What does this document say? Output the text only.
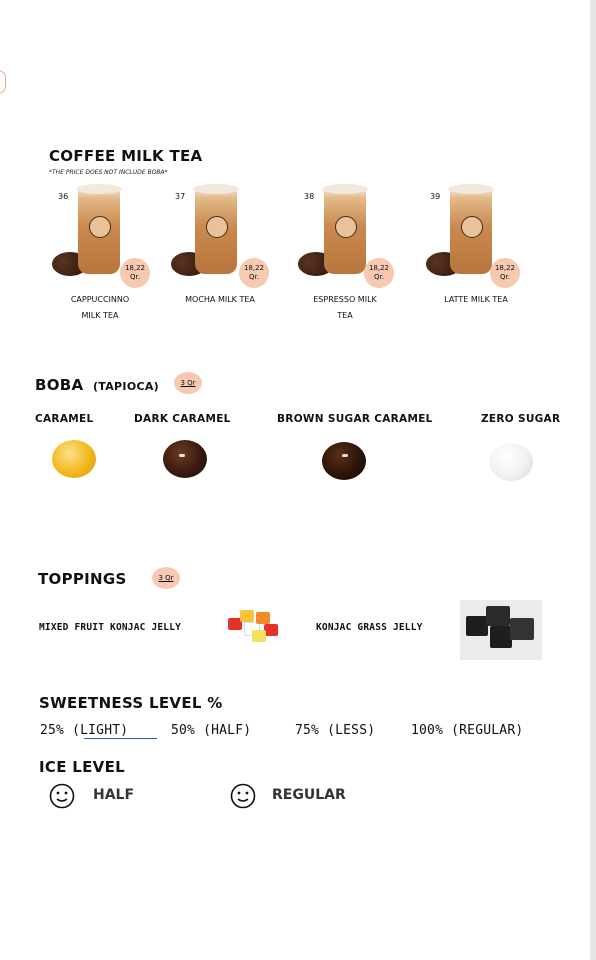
COFFEE MILK TEA
*THE PRICE DOES NOT INCLUDE BOBA*
36
18,22
Qr.
CAPPUCCINNO
MILK TEA
37
18,22
Qr.
MOCHA MILK TEA
38
18,22
Qr.
ESPRESSO MILK
TEA
39
18,22
Qr.
LATTE MILK TEA
BOBA (TAPIOCA)	3 Qr
CARAMEL	DARK CARAMEL	BROWN SUGAR CARAMEL	ZERO SUGAR
TOPPINGS	3 Qr
MIXED FRUIT KONJAC JELLY	KONJAC GRASS JELLY
SWEETNESS LEVEL %
25% (LIGHT)	50% (HALF)	75% (LESS)	100% (REGULAR)
ICE LEVEL
HALF	REGULAR
